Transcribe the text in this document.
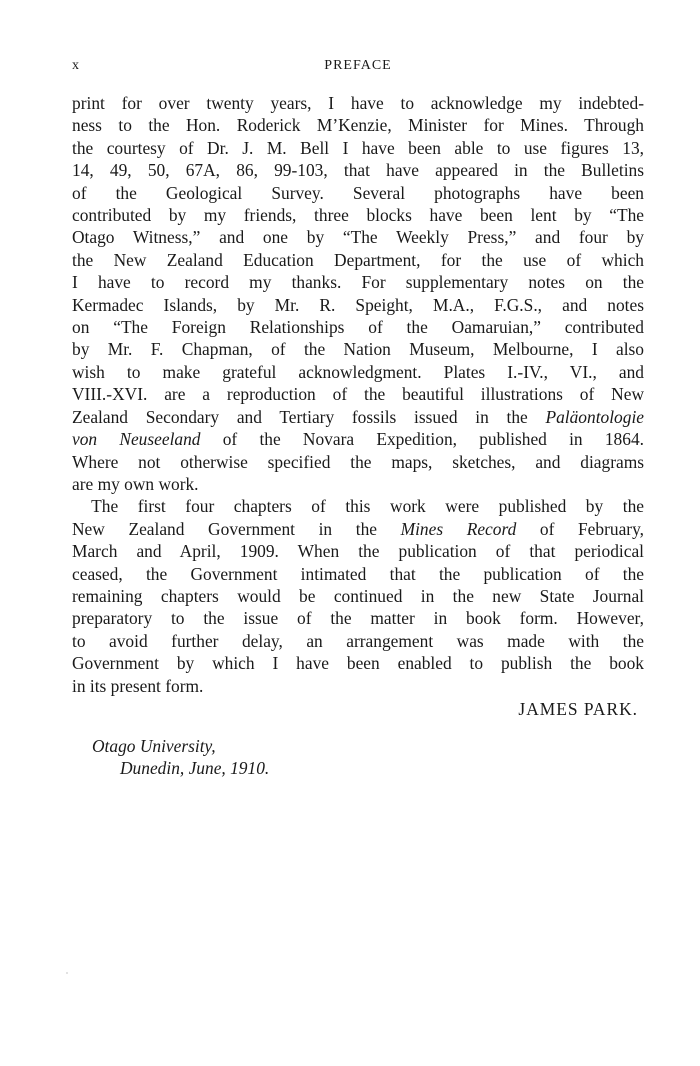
x	PREFACE

print for over twenty years, I have to acknowledge my indebted-

ness to the Hon. Roderick M’Kenzie, Minister for Mines. Through

the courtesy of Dr. J. M. Bell I have been able to use figures 13,

14, 49, 50, 67A, 86, 99-103, that have appeared in the Bulletins

of the Geological Survey. Several photographs have been

contributed by my friends, three blocks have been lent by “The

Otago Witness,” and one by “The Weekly Press,” and four by

the New Zealand Education Department, for the use of which

I have to record my thanks. For supplementary notes on the

Kermadec Islands, by Mr. R. Speight, M.A., F.G.S., and notes

on “The Foreign Relationships of the Oamaruian,” contributed

by Mr. F. Chapman, of the Nation Museum, Melbourne, I also

wish to make grateful acknowledgment. Plates I.-IV., VI., and

VIII.-XVI. are a reproduction of the beautiful illustrations of New

Zealand Secondary and Tertiary fossils issued in the Paläontologie

von Neuseeland of the Novara Expedition, published in 1864.

Where not otherwise specified the maps, sketches, and diagrams

are my own work.

The first four chapters of this work were published by the

New Zealand Government in the Mines Record of February,

March and April, 1909. When the publication of that periodical

ceased, the Government intimated that the publication of the

remaining chapters would be continued in the new State Journal

preparatory to the issue of the matter in book form. However,

to avoid further delay, an arrangement was made with the

Government by which I have been enabled to publish the book

in its present form.

JAMES PARK.
Otago University,
Dunedin, June, 1910.
